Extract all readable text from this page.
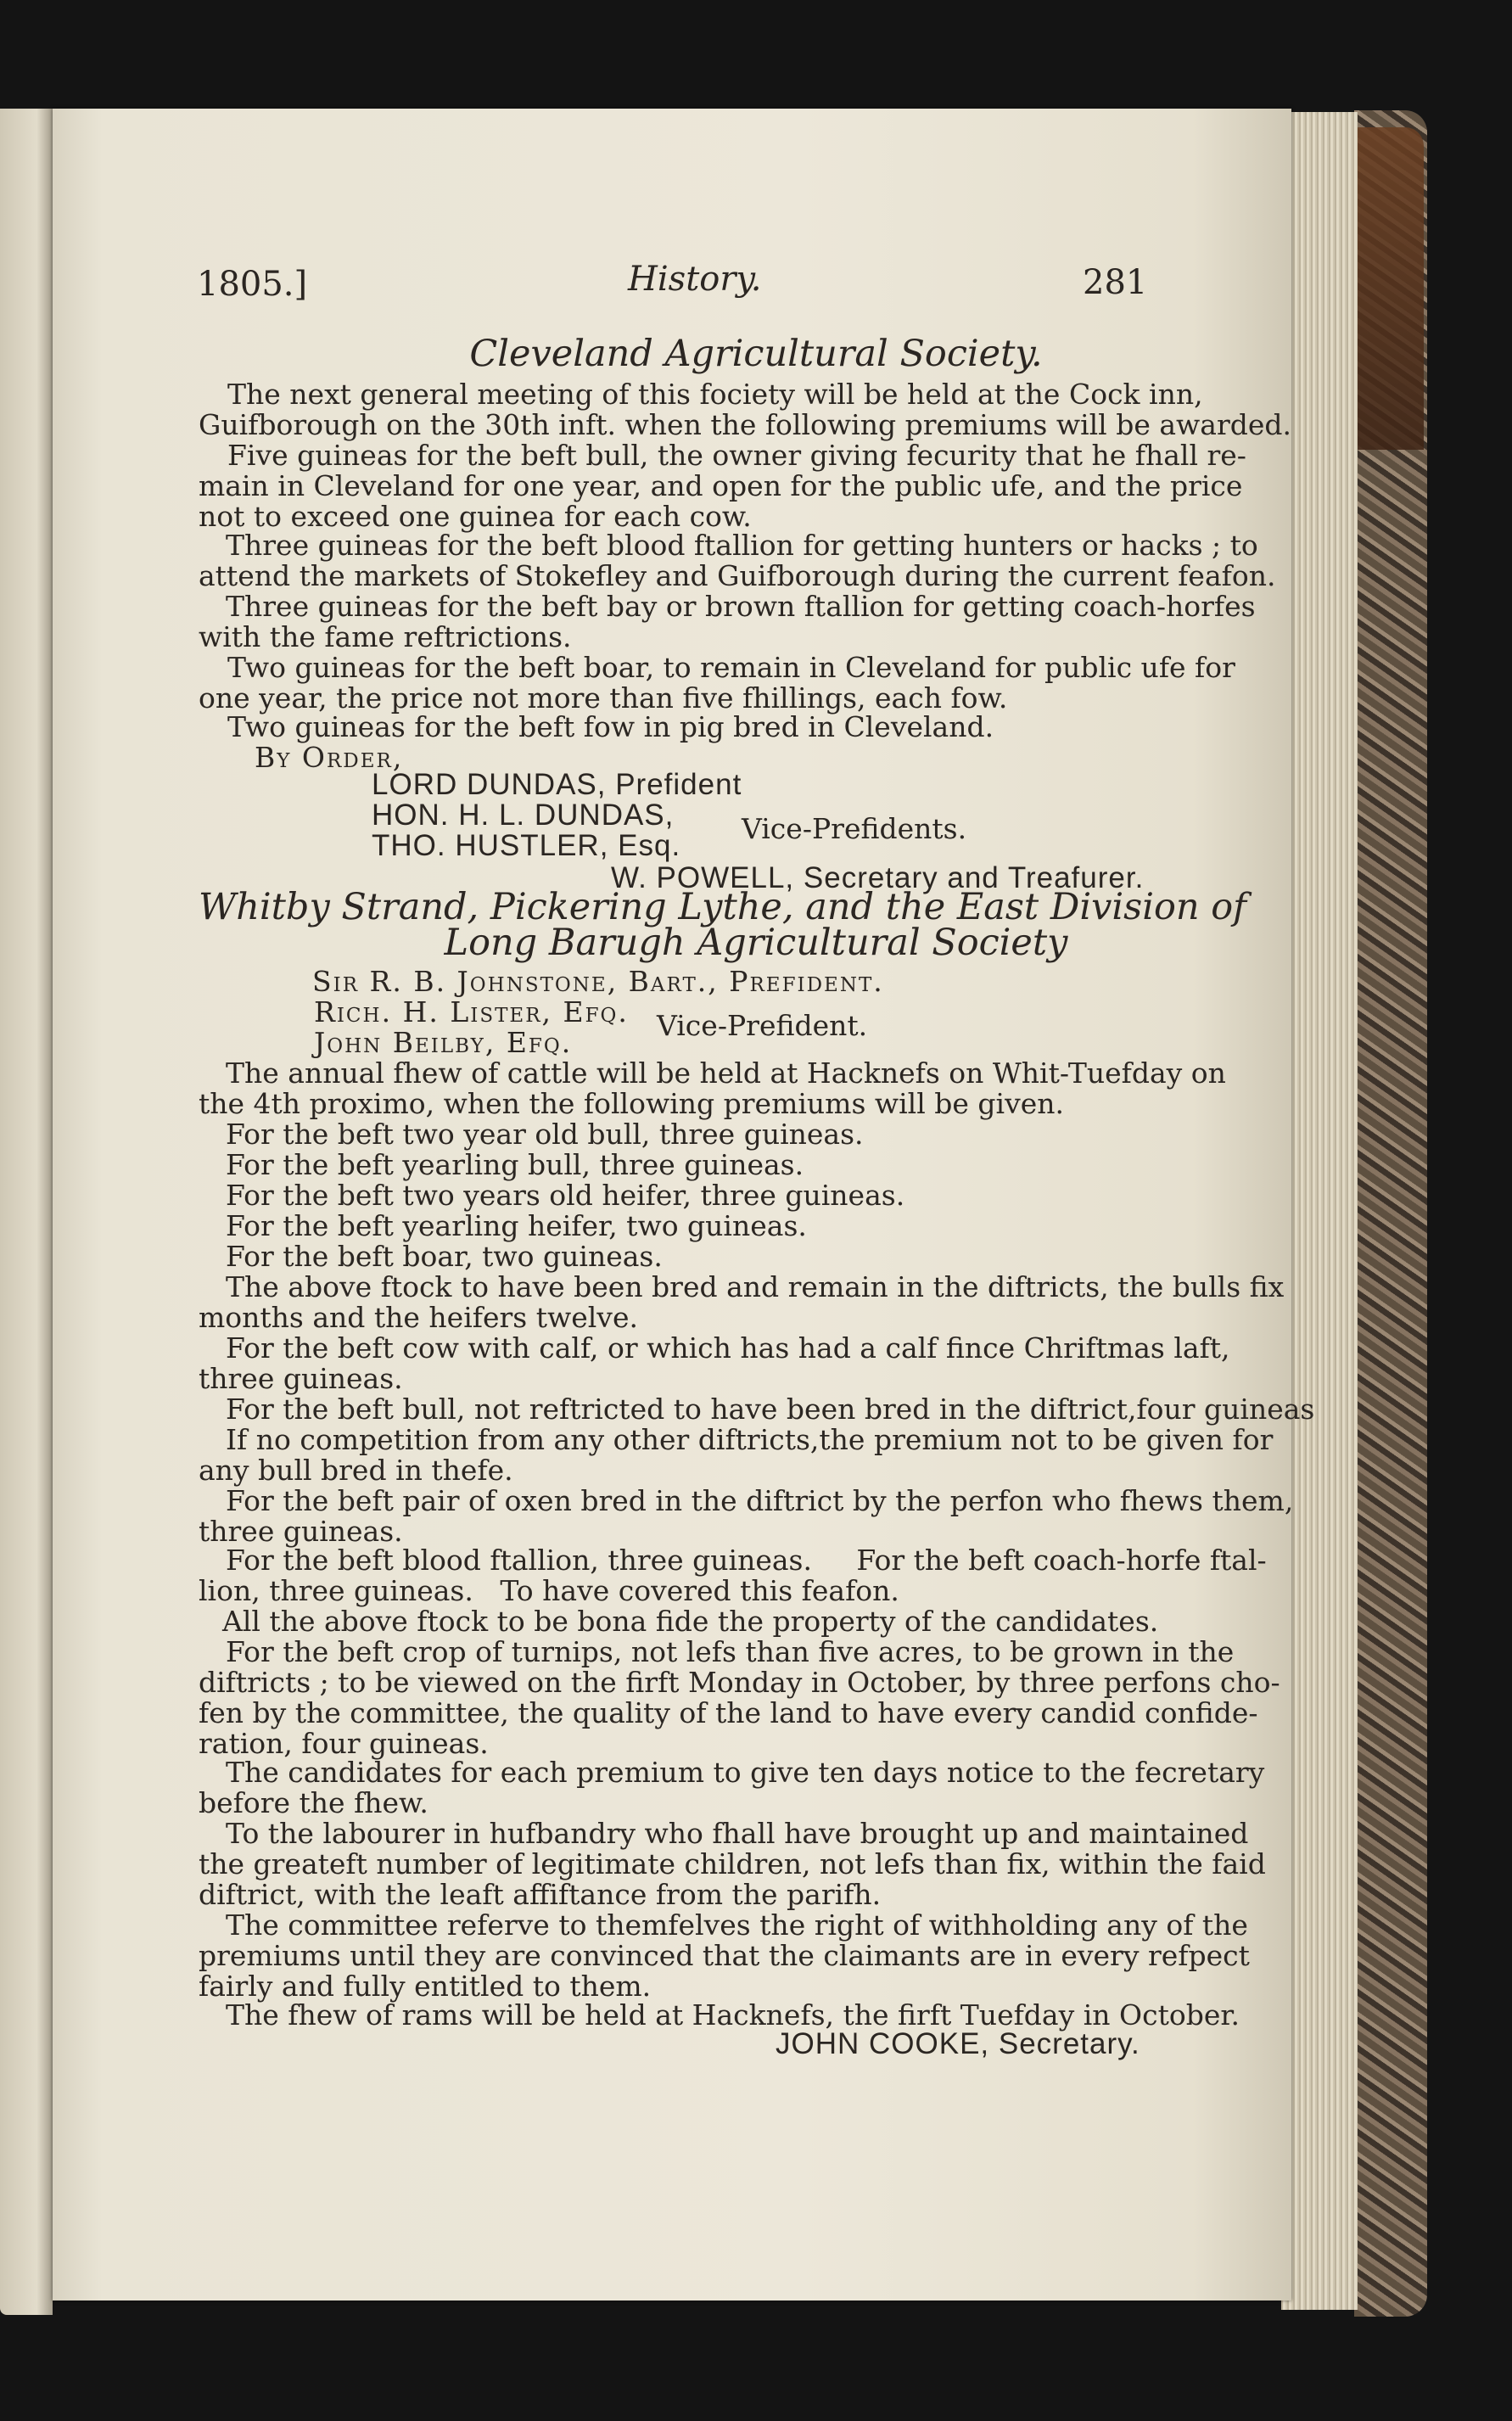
1805.]	History.	281
Cleveland Agricultural Society.
The next general meeting of this fociety will be held at the Cock inn,
Guifborough on the 30th inft. when the following premiums will be awarded.
Five guineas for the beft bull, the owner giving fecurity that he fhall re-
main in Cleveland for one year, and open for the public ufe, and the price
not to exceed one guinea for each cow.
Three guineas for the beft blood ftallion for getting hunters or hacks ; to
attend the markets of Stokefley and Guifborough during the current feafon.
Three guineas for the beft bay or brown ftallion for getting coach-horfes
with the fame reftrictions.
Two guineas for the beft boar, to remain in Cleveland for public ufe for
one year, the price not more than five fhillings, each fow.
Two guineas for the beft fow in pig bred in Cleveland.
By Order,
LORD DUNDAS, Prefident
HON. H. L. DUNDAS,
THO. HUSTLER, Esq.
Vice-Prefidents.
W. POWELL, Secretary and Treafurer.
Whitby Strand, Pickering Lythe, and the East Division of
Long Barugh Agricultural Society
Sir R. B. Johnstone, Bart., Prefident.
Rich. H. Lister, Efq.
John Beilby, Efq.
Vice-Prefident.
The annual fhew of cattle will be held at Hacknefs on Whit-Tuefday on
the 4th proximo, when the following premiums will be given.
For the beft two year old bull, three guineas.
For the beft yearling bull, three guineas.
For the beft two years old heifer, three guineas.
For the beft yearling heifer, two guineas.
For the beft boar, two guineas.
The above ftock to have been bred and remain in the diftricts, the bulls fix
months and the heifers twelve.
For the beft cow with calf, or which has had a calf fince Chriftmas laft,
three guineas.
For the beft bull, not reftricted to have been bred in the diftrict,four guineas
If no competition from any other diftricts,the premium not to be given for
any bull bred in thefe.
For the beft pair of oxen bred in the diftrict by the perfon who fhews them,
three guineas.
For the beft blood ftallion, three guineas.     For the beft coach-horfe ftal-
lion, three guineas.   To have covered this feafon.
All the above ftock to be bona fide the property of the candidates.
For the beft crop of turnips, not lefs than five acres, to be grown in the
diftricts ; to be viewed on the firft Monday in October, by three perfons cho-
fen by the committee, the quality of the land to have every candid confide-
ration, four guineas.
The candidates for each premium to give ten days notice to the fecretary
before the fhew.
To the labourer in hufbandry who fhall have brought up and maintained
the greateft number of legitimate children, not lefs than fix, within the faid
diftrict, with the leaft affiftance from the parifh.
The committee referve to themfelves the right of withholding any of the
premiums until they are convinced that the claimants are in every refpect
fairly and fully entitled to them.
The fhew of rams will be held at Hacknefs, the firft Tuefday in October.
JOHN COOKE, Secretary.
